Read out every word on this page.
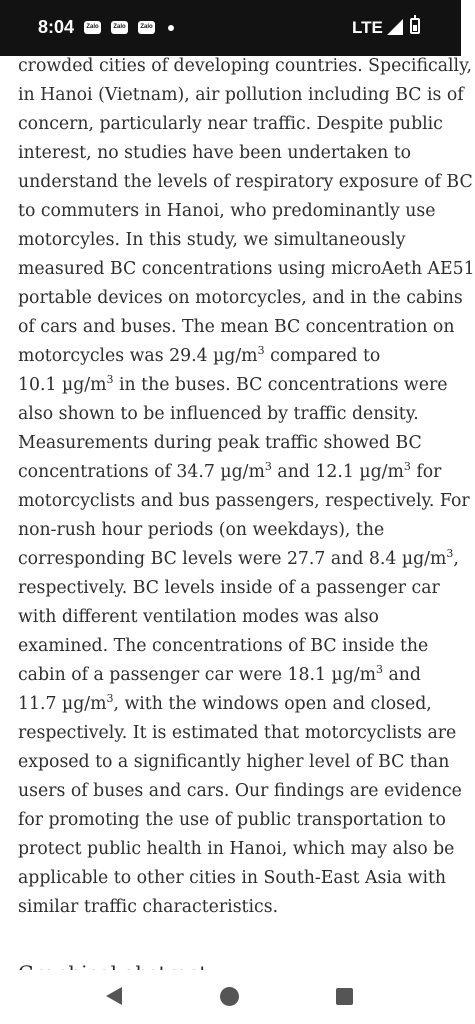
8:04	Zalo	Zalo	Zalo	LTE
crowded cities of developing countries. Specifically,
in Hanoi (Vietnam), air pollution including BC is of
concern, particularly near traffic. Despite public
interest, no studies have been undertaken to
understand the levels of respiratory exposure of BC
to commuters in Hanoi, who predominantly use
motorcyles. In this study, we simultaneously
measured BC concentrations using microAeth AE51
portable devices on motorcycles, and in the cabins
of cars and buses. The mean BC concentration on
motorcycles was 29.4 $\mu g/m^3$ compared to
10.1 $\mu g/m^3$ in the buses. BC concentrations were
also shown to be influenced by traffic density.
Measurements during peak traffic showed BC
concentrations of 34.7 $\mu g/m^3$ and 12.1 $\mu g/m^3$ for
motorcyclists and bus passengers, respectively. For
non-rush hour periods (on weekdays), the
corresponding BC levels were 27.7 and 8.4 $\mu g/m^3$,
respectively. BC levels inside of a passenger car
with different ventilation modes was also
examined. The concentrations of BC inside the
cabin of a passenger car were 18.1 $\mu g/m^3$ and
11.7 $\mu g/m^3$, with the windows open and closed,
respectively. It is estimated that motorcyclists are
exposed to a significantly higher level of BC than
users of buses and cars. Our findings are evidence
for promoting the use of public transportation to
protect public health in Hanoi, which may also be
applicable to other cities in South-East Asia with
similar traffic characteristics.
